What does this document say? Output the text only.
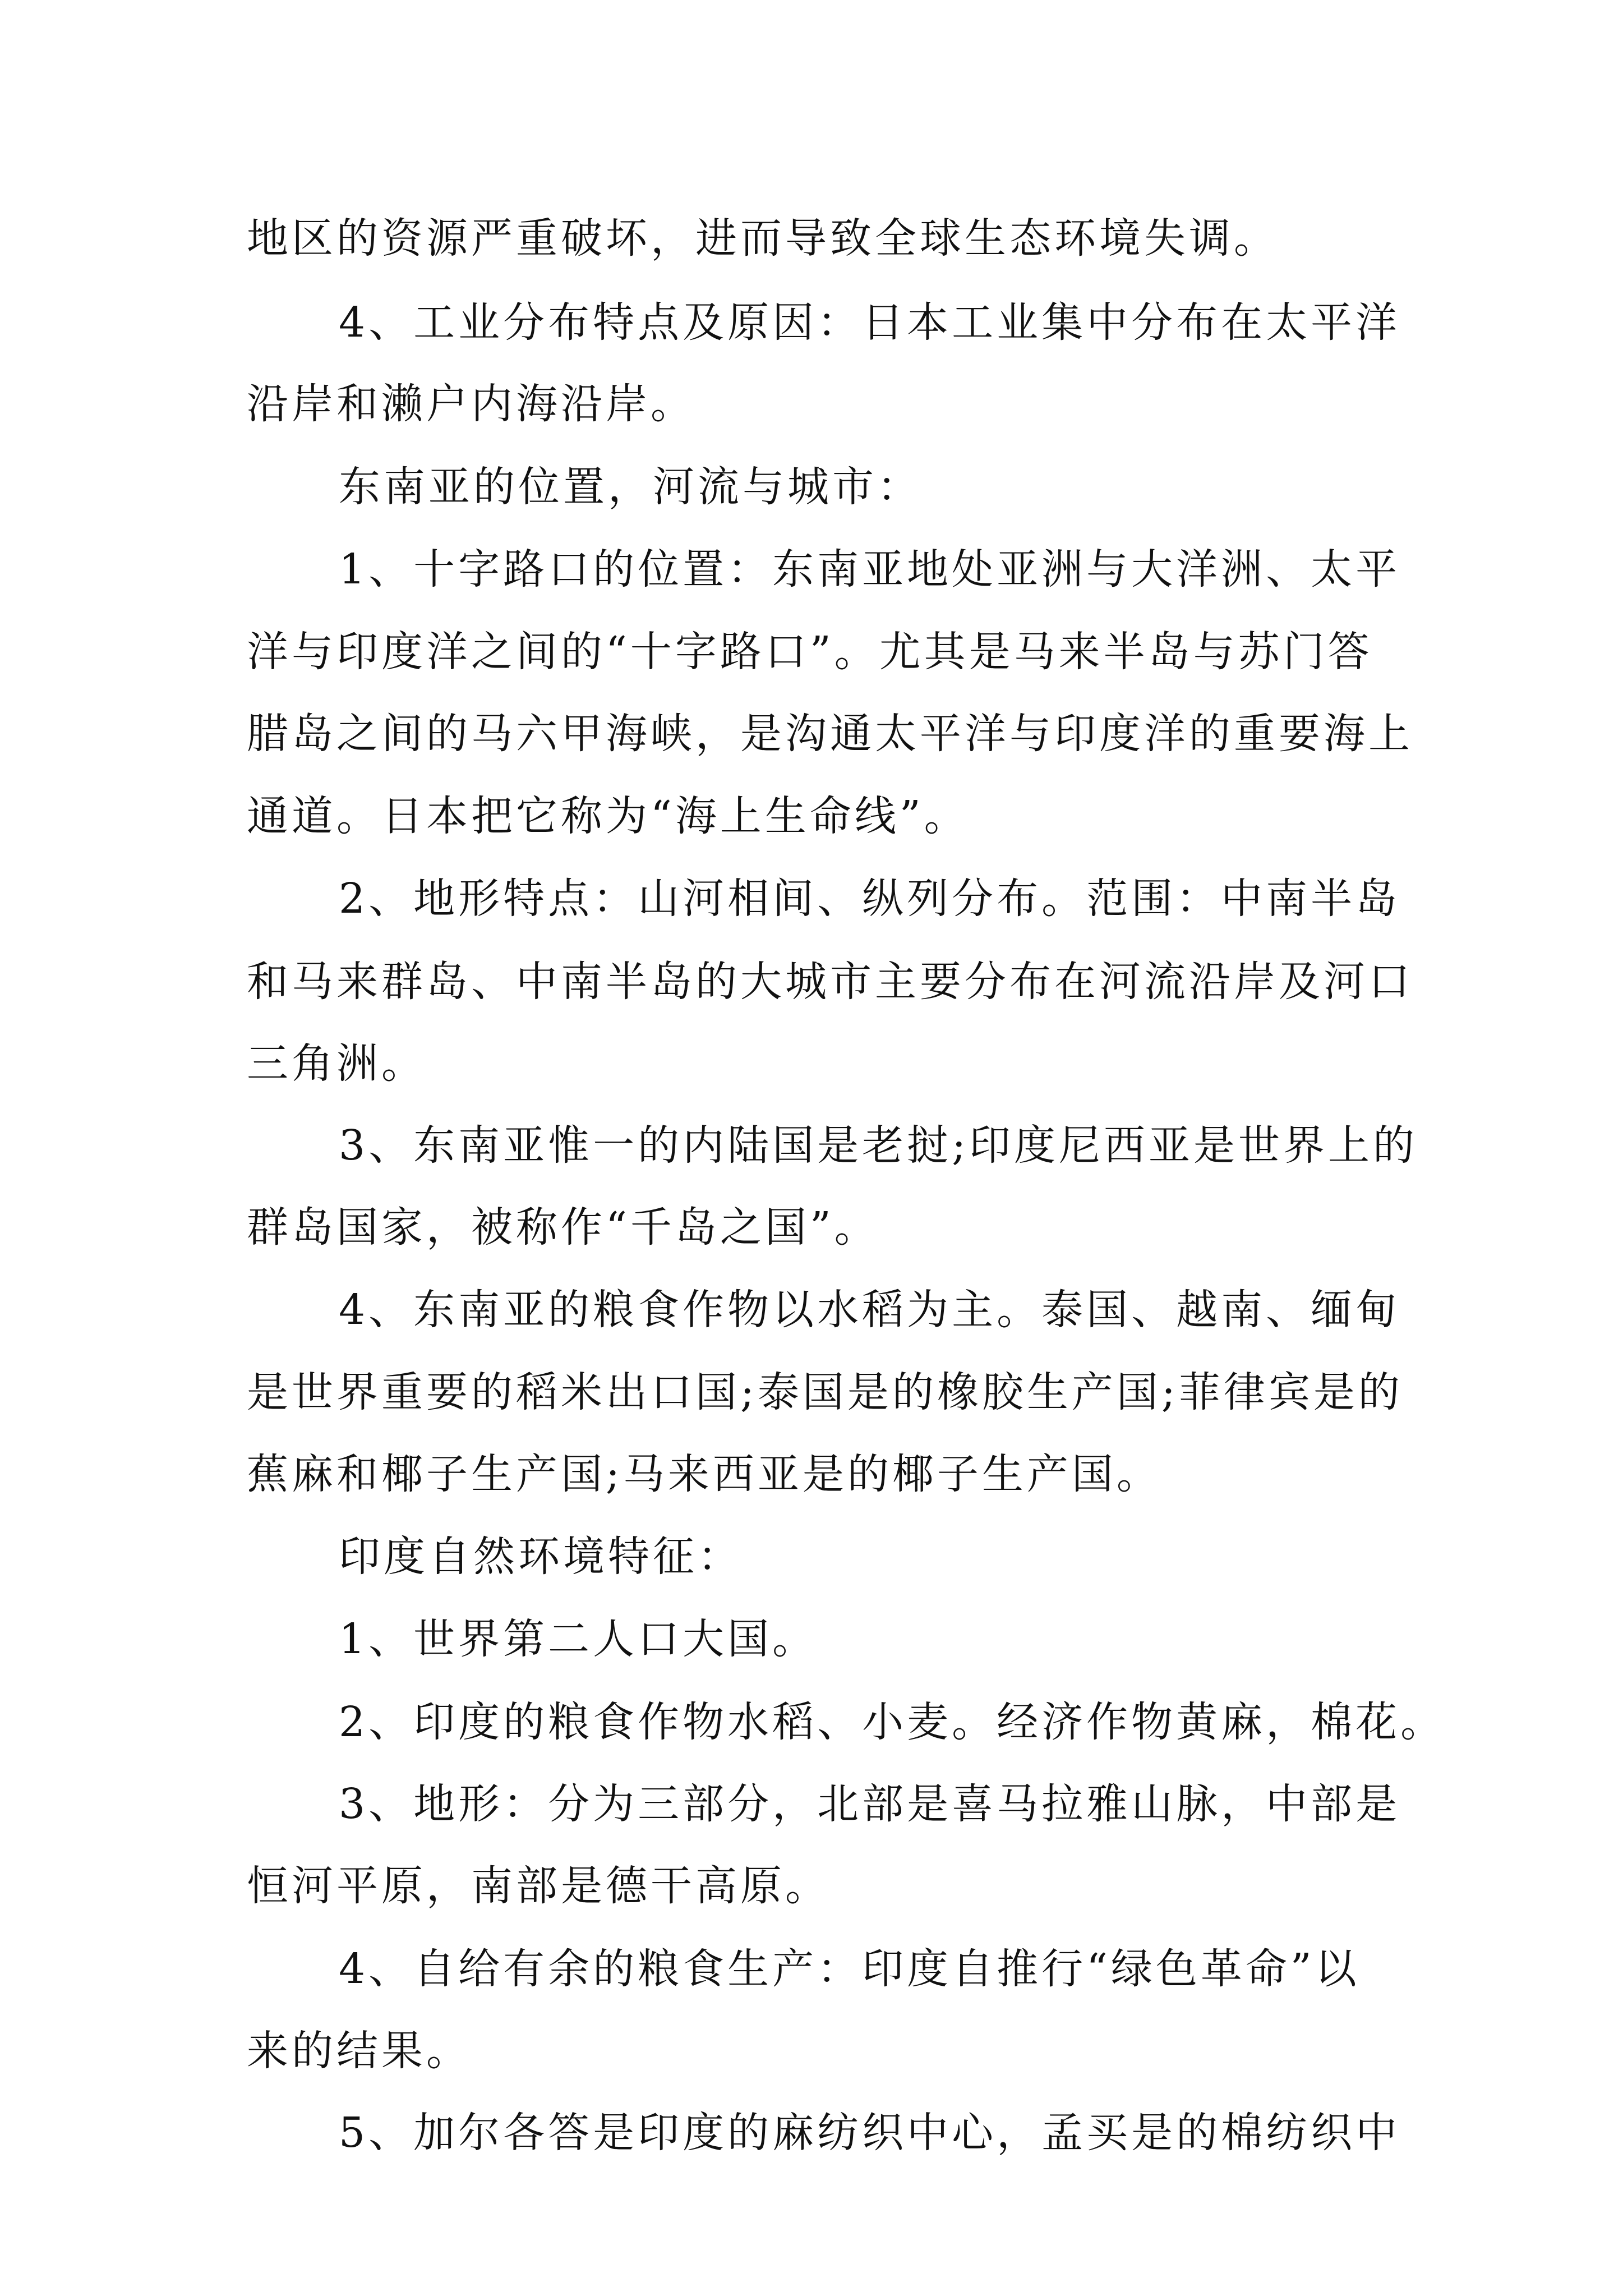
地区的资源严重破坏，进而导致全球生态环境失调。
4、工业分布特点及原因：日本工业集中分布在太平洋
沿岸和濑户内海沿岸。
东南亚的位置，河流与城市：
1、十字路口的位置：东南亚地处亚洲与大洋洲、太平
洋与印度洋之间的“十字路口”。尤其是马来半岛与苏门答
腊岛之间的马六甲海峡，是沟通太平洋与印度洋的重要海上
通道。日本把它称为“海上生命线”。
2、地形特点：山河相间、纵列分布。范围：中南半岛
和马来群岛、中南半岛的大城市主要分布在河流沿岸及河口
三角洲。
3、东南亚惟一的内陆国是老挝;印度尼西亚是世界上的
群岛国家，被称作“千岛之国”。
4、东南亚的粮食作物以水稻为主。泰国、越南、缅甸
是世界重要的稻米出口国;泰国是的橡胶生产国;菲律宾是的
蕉麻和椰子生产国;马来西亚是的椰子生产国。
印度自然环境特征：
1、世界第二人口大国。
2、印度的粮食作物水稻、小麦。经济作物黄麻，棉花。
3、地形：分为三部分，北部是喜马拉雅山脉，中部是
恒河平原，南部是德干高原。
4、自给有余的粮食生产：印度自推行“绿色革命”以
来的结果。
5、加尔各答是印度的麻纺织中心，孟买是的棉纺织中
